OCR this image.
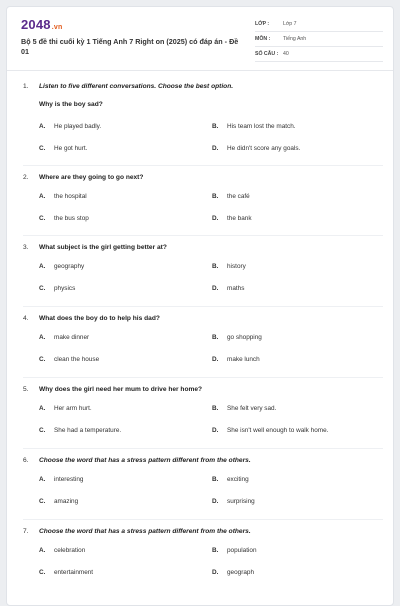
2048.vn
Bộ 5 đề thi cuối kỳ 1 Tiếng Anh 7 Right on (2025) có đáp án - Đề 01
LỚP :	Lớp 7
MÔN :	Tiếng Anh
SỐ CÂU : 40
1. Listen to five different conversations. Choose the best option.
Why is the boy sad?
A. He played badly.	B. His team lost the match.
C. He got hurt.	D. He didn't score any goals.
2. Where are they going to go next?
A. the hospital	B. the café
C. the bus stop	D. the bank
3. What subject is the girl getting better at?
A. geography	B. history
C. physics	D. maths
4. What does the boy do to help his dad?
A. make dinner	B. go shopping
C. clean the house	D. make lunch
5. Why does the girl need her mum to drive her home?
A. Her arm hurt.	B. She felt very sad.
C. She had a temperature.	D. She isn't well enough to walk home.
6. Choose the word that has a stress pattern different from the others.
A. interesting	B. exciting
C. amazing	D. surprising
7. Choose the word that has a stress pattern different from the others.
A. celebration	B. population
C. entertainment	D. geograph
